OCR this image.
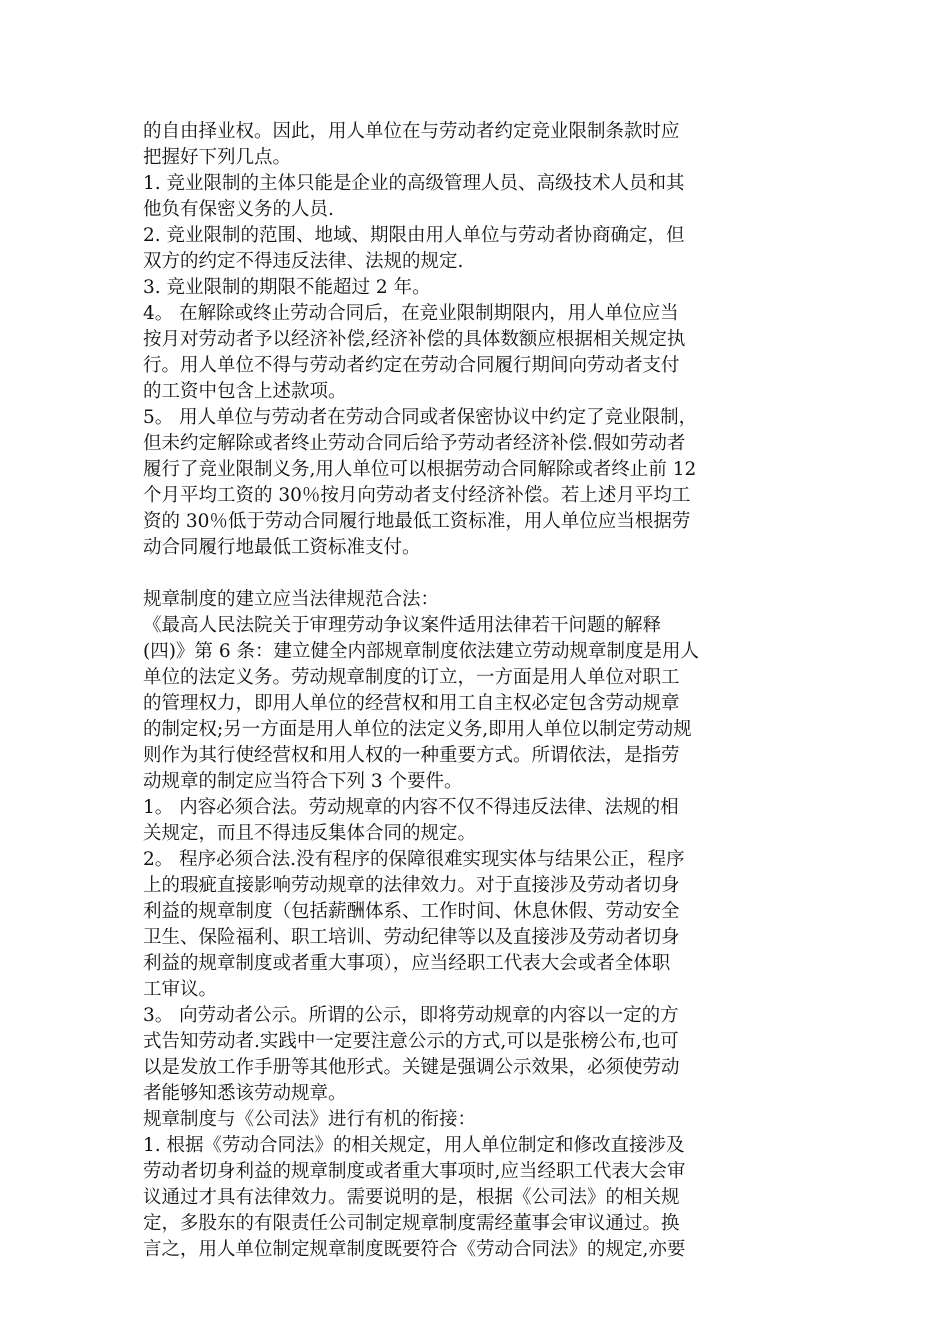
的自由择业权。因此，用人单位在与劳动者约定竞业限制条款时应
把握好下列几点。
1. 竞业限制的主体只能是企业的高级管理人员、高级技术人员和其
他负有保密义务的人员.
2. 竞业限制的范围、地域、期限由用人单位与劳动者协商确定，但
双方的约定不得违反法律、法规的规定.
3. 竞业限制的期限不能超过 2 年。
4。 在解除或终止劳动合同后，在竞业限制期限内，用人单位应当
按月对劳动者予以经济补偿,经济补偿的具体数额应根据相关规定执
行。用人单位不得与劳动者约定在劳动合同履行期间向劳动者支付
的工资中包含上述款项。
5。 用人单位与劳动者在劳动合同或者保密协议中约定了竞业限制，
但未约定解除或者终止劳动合同后给予劳动者经济补偿.假如劳动者
履行了竞业限制义务,用人单位可以根据劳动合同解除或者终止前 12
个月平均工资的 30％按月向劳动者支付经济补偿。若上述月平均工
资的 30％低于劳动合同履行地最低工资标准，用人单位应当根据劳
动合同履行地最低工资标准支付。
规章制度的建立应当法律规范合法：
《最高人民法院关于审理劳动争议案件适用法律若干问题的解释
(四)》第 6 条：建立健全内部规章制度依法建立劳动规章制度是用人
单位的法定义务。劳动规章制度的订立，一方面是用人单位对职工
的管理权力，即用人单位的经营权和用工自主权必定包含劳动规章
的制定权;另一方面是用人单位的法定义务,即用人单位以制定劳动规
则作为其行使经营权和用人权的一种重要方式。所谓依法，是指劳
动规章的制定应当符合下列 3 个要件。
1。 内容必须合法。劳动规章的内容不仅不得违反法律、法规的相
关规定，而且不得违反集体合同的规定。
2。 程序必须合法.没有程序的保障很难实现实体与结果公正，程序
上的瑕疵直接影响劳动规章的法律效力。对于直接涉及劳动者切身
利益的规章制度（包括薪酬体系、工作时间、休息休假、劳动安全
卫生、保险福利、职工培训、劳动纪律等以及直接涉及劳动者切身
利益的规章制度或者重大事项），应当经职工代表大会或者全体职
工审议。
3。 向劳动者公示。所谓的公示，即将劳动规章的内容以一定的方
式告知劳动者.实践中一定要注意公示的方式,可以是张榜公布,也可
以是发放工作手册等其他形式。关键是强调公示效果，必须使劳动
者能够知悉该劳动规章。
规章制度与《公司法》进行有机的衔接：
1. 根据《劳动合同法》的相关规定，用人单位制定和修改直接涉及
劳动者切身利益的规章制度或者重大事项时,应当经职工代表大会审
议通过才具有法律效力。需要说明的是，根据《公司法》的相关规
定，多股东的有限责任公司制定规章制度需经董事会审议通过。换
言之，用人单位制定规章制度既要符合《劳动合同法》的规定,亦要
